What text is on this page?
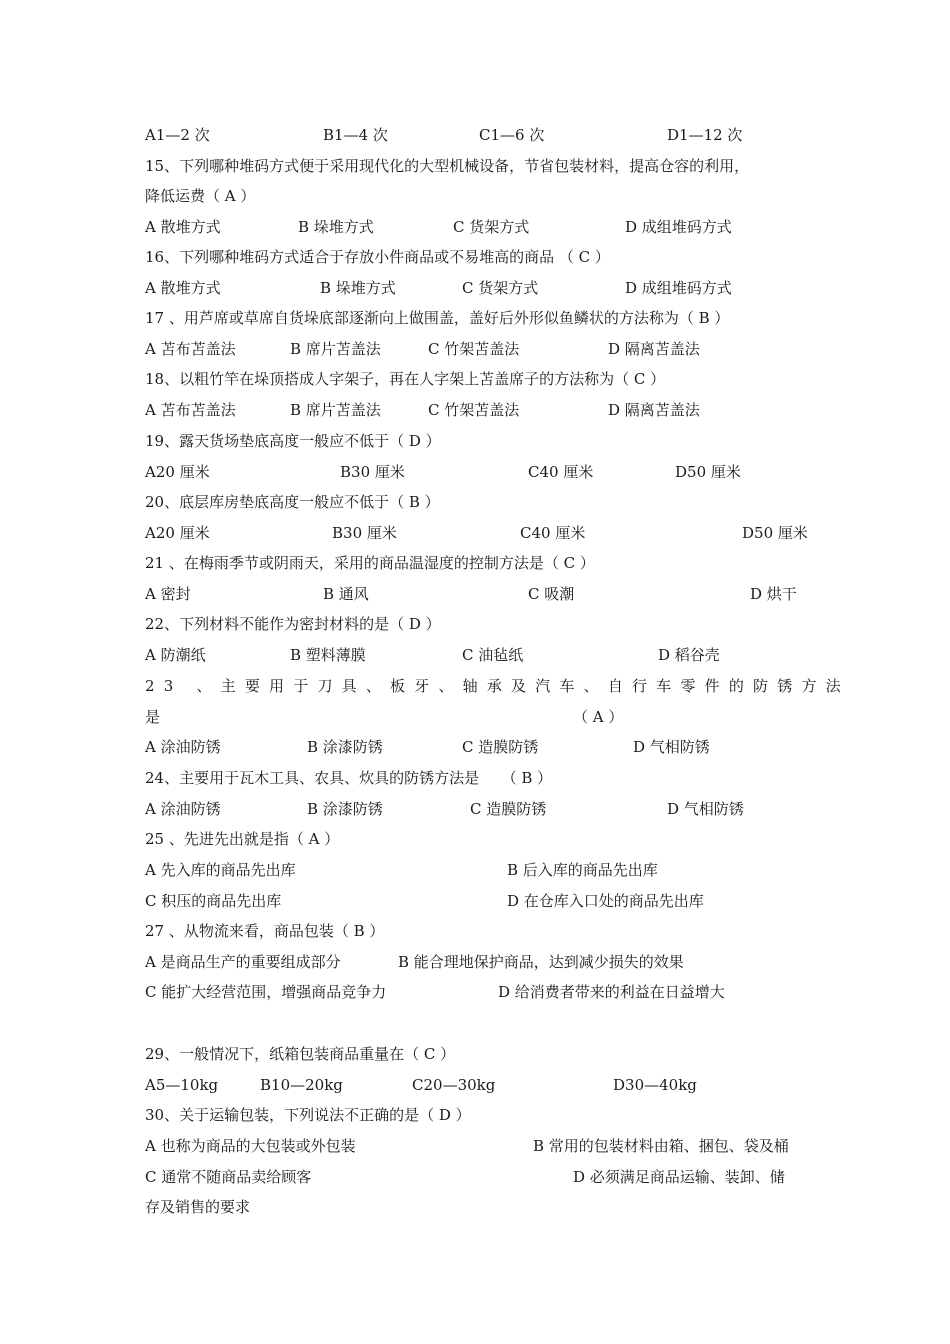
A1—2 次	B1—4 次	C1—6 次	D1—12 次
15、下列哪种堆码方式便于采用现代化的大型机械设备，节省包装材料，提高仓容的利用，
降低运费（ A ）
A 散堆方式	B 垛堆方式	C 货架方式	D 成组堆码方式
16、下列哪种堆码方式适合于存放小件商品或不易堆高的商品 （ C ）
A 散堆方式	B 垛堆方式	C 货架方式	D 成组堆码方式
17 、用芦席或草席自货垛底部逐渐向上做围盖，盖好后外形似鱼鳞状的方法称为（ B ）
A 苫布苫盖法	B 席片苫盖法	C 竹架苫盖法	D 隔离苫盖法
18、以粗竹竿在垛顶搭成人字架子，再在人字架上苫盖席子的方法称为（ C ）
A 苫布苫盖法	B 席片苫盖法	C 竹架苫盖法	D 隔离苫盖法
19、露天货场垫底高度一般应不低于（ D ）
A20 厘米	B30 厘米	C40 厘米	D50 厘米
20、底层库房垫底高度一般应不低于（ B ）
A20 厘米	B30 厘米	C40 厘米	D50 厘米
21 、在梅雨季节或阴雨天，采用的商品温湿度的控制方法是（ C ）
A 密封	B 通风	C 吸潮	D 烘干
22、下列材料不能作为密封材料的是（ D ）
A 防潮纸	B 塑料薄膜	C 油毡纸	D 稻谷壳
23 、主要用于刀具、板牙、轴承及汽车、自行车零件的防锈方法
是	（ A ）
A 涂油防锈	B 涂漆防锈	C 造膜防锈	D 气相防锈
24、主要用于瓦木工具、农具、炊具的防锈方法是　　（ B ）
A 涂油防锈	B 涂漆防锈	C 造膜防锈	D 气相防锈
25 、先进先出就是指（ A ）
A 先入库的商品先出库	B 后入库的商品先出库
C 积压的商品先出库	D 在仓库入口处的商品先出库
27 、从物流来看，商品包装（ B ）
A 是商品生产的重要组成部分	B 能合理地保护商品，达到减少损失的效果
C 能扩大经营范围，增强商品竞争力	D 给消费者带来的利益在日益增大
29、一般情况下，纸箱包装商品重量在（ C ）
A5—10kg	B10—20kg	C20—30kg	D30—40kg
30、关于运输包装，下列说法不正确的是（ D ）
A 也称为商品的大包装或外包装	B 常用的包装材料由箱、捆包、袋及桶
C 通常不随商品卖给顾客	D 必须满足商品运输、装卸、储
存及销售的要求
